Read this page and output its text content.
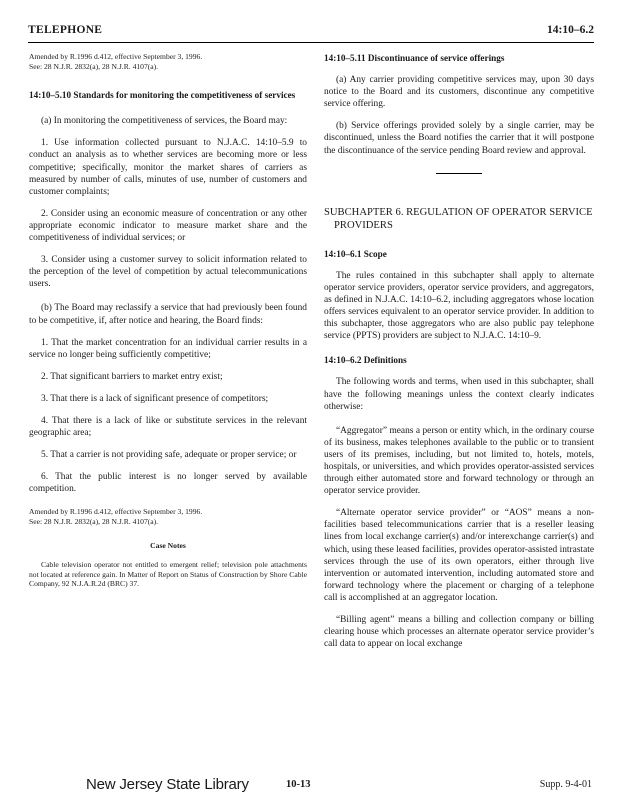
TELEPHONE	14:10–6.2
Amended by R.1996 d.412, effective September 3, 1996.
See: 28 N.J.R. 2832(a), 28 N.J.R. 4107(a).
14:10–5.10 Standards for monitoring the competitiveness of services

(a) In monitoring the competitiveness of services, the Board may:

1. Use information collected pursuant to N.J.A.C. 14:10–5.9 to conduct an analysis as to whether services are becoming more or less competitive; specifically, monitor the market shares of carriers as measured by number of calls, minutes of use, number of customers and customer complaints;

2. Consider using an economic measure of concentration or any other appropriate economic indicator to measure market share and the competitiveness of individual services; or

3. Consider using a customer survey to solicit information related to the perception of the level of competition by actual telecommunications users.

(b) The Board may reclassify a service that had previously been found to be competitive, if, after notice and hearing, the Board finds:

1. That the market concentration for an individual carrier results in a service no longer being sufficiently competitive;

2. That significant barriers to market entry exist;

3. That there is a lack of significant presence of competitors;

4. That there is a lack of like or substitute services in the relevant geographic area;

5. That a carrier is not providing safe, adequate or proper service; or

6. That the public interest is no longer served by available competition.

Amended by R.1996 d.412, effective September 3, 1996.
See: 28 N.J.R. 2832(a), 28 N.J.R. 4107(a).
Case Notes

Cable television operator not entitled to emergent relief; television pole attachments not located at reference gain. In Matter of Report on Status of Construction by Shore Cable Company, 92 N.J.A.R.2d (BRC) 37.

14:10–5.11 Discontinuance of service offerings

(a) Any carrier providing competitive services may, upon 30 days notice to the Board and its customers, discontinue any competitive service offering.

(b) Service offerings provided solely by a single carrier, may be discontinued, unless the Board notifies the carrier that it will postpone the discontinuance of the service pending Board review and approval.

SUBCHAPTER 6. REGULATION OF OPERATOR SERVICE PROVIDERS
14:10–6.1 Scope

The rules contained in this subchapter shall apply to alternate operator service providers, operator service providers, and aggregators, as defined in N.J.A.C. 14:10–6.2, including aggregators whose location offers services equivalent to an operator service provider. In addition to this subchapter, those aggregators who are also public pay telephone service (PPTS) providers are subject to N.J.A.C. 14:10–9.

14:10–6.2 Definitions

The following words and terms, when used in this subchapter, shall have the following meanings unless the context clearly indicates otherwise:

“Aggregator” means a person or entity which, in the ordinary course of its business, makes telephones available to the public or to transient users of its premises, including, but not limited to, hotels, motels, hospitals, or universities, and which provides operator-assisted services through either automated store and forward technology or through an operator service provider.

“Alternate operator service provider” or “AOS” means a non-facilities based telecommunications carrier that is a reseller leasing lines from local exchange carrier(s) and/or interexchange carrier(s) and which, using these leased facilities, provides operator-assisted intrastate services through the use of its own operators, either through live intervention or automated intervention, including automated store and forward technology where the placement or charging of a telephone call is accomplished at an aggregator location.

“Billing agent” means a billing and collection company or billing clearing house which processes an alternate operator service provider’s call data to appear on local exchange

New Jersey State Library	10-13	Supp. 9-4-01
